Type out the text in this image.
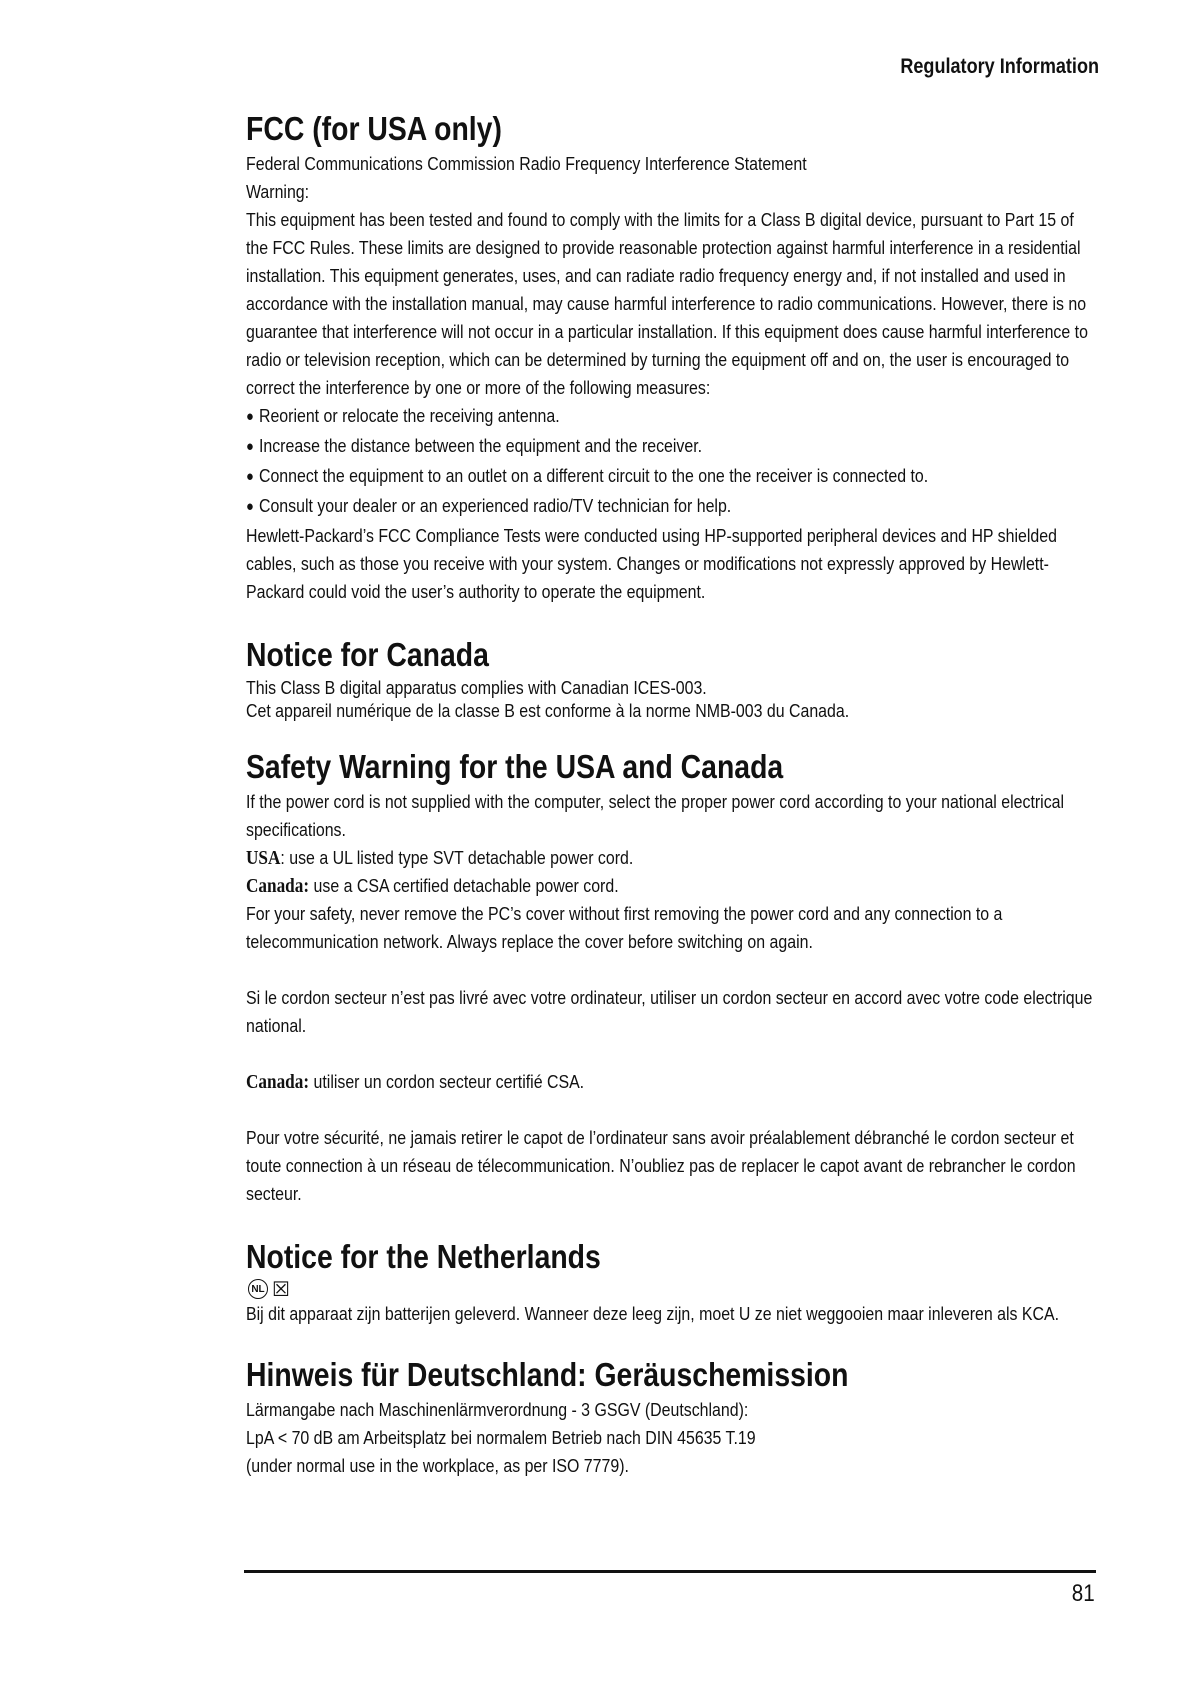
Regulatory Information
FCC (for USA only)

Federal Communications Commission Radio Frequency Interference Statement

Warning:

This equipment has been tested and found to comply with the limits for a Class B digital device, pursuant to Part 15 of the FCC Rules. These limits are designed to provide reasonable protection against harmful interference in a residential installation. This equipment generates, uses, and can radiate radio frequency energy and, if not installed and used in accordance with the installation manual, may cause harmful interference to radio communications. However, there is no guarantee that interference will not occur in a particular installation. If this equipment does cause harmful interference to radio or television reception, which can be determined by turning the equipment off and on, the user is encouraged to correct the interference by one or more of the following measures:

● Reorient or relocate the receiving antenna.

● Increase the distance between the equipment and the receiver.

● Connect the equipment to an outlet on a different circuit to the one the receiver is connected to.

● Consult your dealer or an experienced radio/TV technician for help.

Hewlett-Packard’s FCC Compliance Tests were conducted using HP-supported peripheral devices and HP shielded cables, such as those you receive with your system. Changes or modifications not expressly approved by Hewlett-Packard could void the user’s authority to operate the equipment.

Notice for Canada

This Class B digital apparatus complies with Canadian ICES-003.

Cet appareil numérique de la classe B est conforme à la norme NMB-003 du Canada.

Safety Warning for the USA and Canada

If the power cord is not supplied with the computer, select the proper power cord according to your national electrical specifications.

USA: use a UL listed type SVT detachable power cord.

Canada: use a CSA certified detachable power cord.

For your safety, never remove the PC’s cover without first removing the power cord and any connection to a telecommunication network. Always replace the cover before switching on again.

Si le cordon secteur n’est pas livré avec votre ordinateur, utiliser un cordon secteur en accord avec votre code electrique national.

Canada: utiliser un cordon secteur certifié CSA.

Pour votre sécurité, ne jamais retirer le capot de l’ordinateur sans avoir préalablement débranché le cordon secteur et toute connection à un réseau de télecommunication. N’oubliez pas de replacer le capot avant de rebrancher le cordon secteur.

Notice for the Netherlands
NL ☒

Bij dit apparaat zijn batterijen geleverd. Wanneer deze leeg zijn, moet U ze niet weggooien maar inleveren als KCA.

Hinweis für Deutschland: Geräuschemission

Lärmangabe nach Maschinenlärmverordnung - 3 GSGV (Deutschland):

LpA < 70 dB am Arbeitsplatz bei normalem Betrieb nach DIN 45635 T.19

(under normal use in the workplace, as per ISO 7779).

81
